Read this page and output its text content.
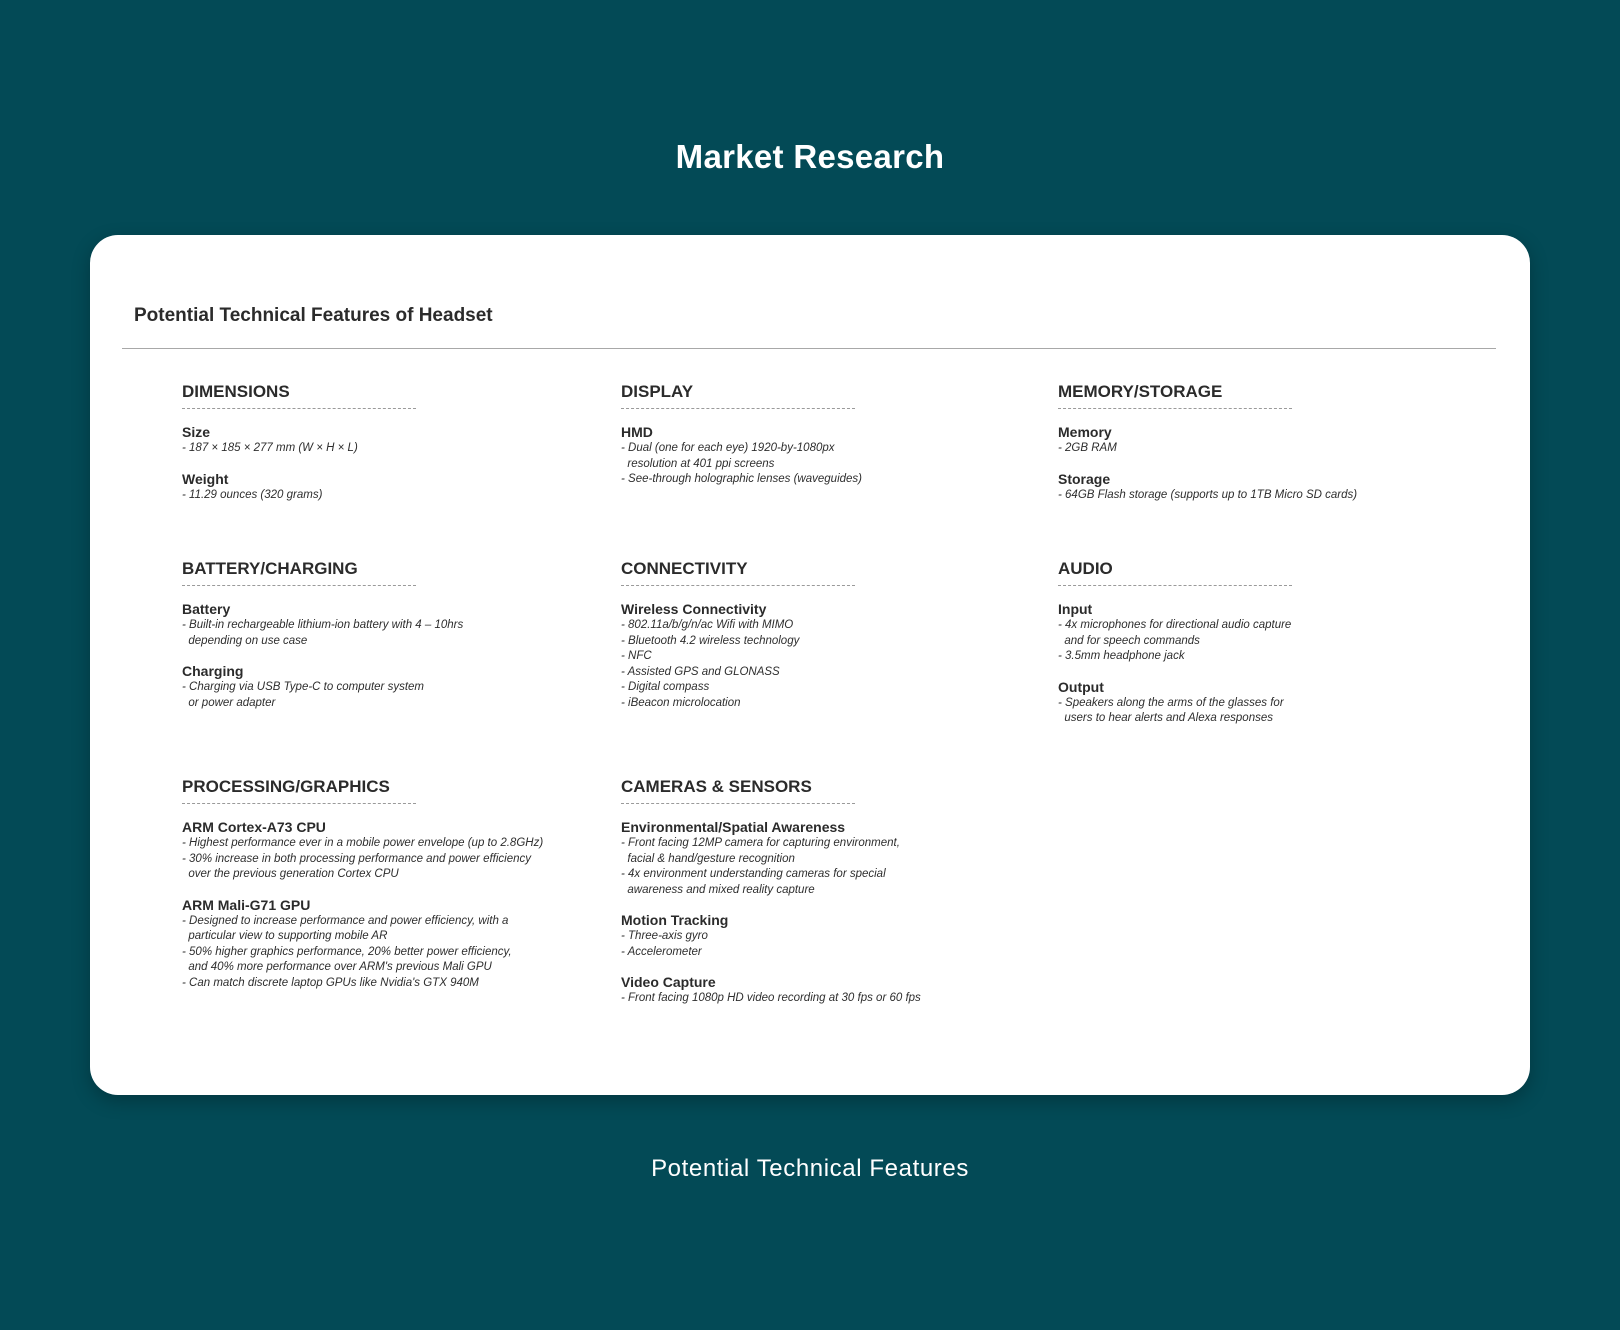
Market Research
Potential Technical Features of Headset
DIMENSIONS
Size
- 187 × 185 × 277 mm (W × H × L)
Weight
- 11.29 ounces (320 grams)
DISPLAY
HMD
- Dual (one for each eye) 1920-by-1080px
resolution at 401 ppi screens
- See-through holographic lenses (waveguides)
MEMORY/STORAGE
Memory
- 2GB RAM
Storage
- 64GB Flash storage (supports up to 1TB Micro SD cards)
BATTERY/CHARGING
Battery
- Built-in rechargeable lithium-ion battery with 4 – 10hrs
depending on use case
Charging
- Charging via USB Type-C to computer system
or power adapter
CONNECTIVITY
Wireless Connectivity
- 802.11a/b/g/n/ac Wifi with MIMO
- Bluetooth 4.2 wireless technology
- NFC
- Assisted GPS and GLONASS
- Digital compass
- iBeacon microlocation
AUDIO
Input
- 4x microphones for directional audio capture
and for speech commands
- 3.5mm headphone jack
Output
- Speakers along the arms of the glasses for
users to hear alerts and Alexa responses
PROCESSING/GRAPHICS
ARM Cortex-A73 CPU
- Highest performance ever in a mobile power envelope (up to 2.8GHz)
- 30% increase in both processing performance and power efficiency
over the previous generation Cortex CPU
ARM Mali-G71 GPU
- Designed to increase performance and power efficiency, with a
particular view to supporting mobile AR
- 50% higher graphics performance, 20% better power efficiency,
and 40% more performance over ARM's previous Mali GPU
- Can match discrete laptop GPUs like Nvidia's GTX 940M
CAMERAS & SENSORS
Environmental/Spatial Awareness
- Front facing 12MP camera for capturing environment,
facial & hand/gesture recognition
- 4x environment understanding cameras for special
awareness and mixed reality capture
Motion Tracking
- Three-axis gyro
- Accelerometer
Video Capture
- Front facing 1080p HD video recording at 30 fps or 60 fps

Potential Technical Features
